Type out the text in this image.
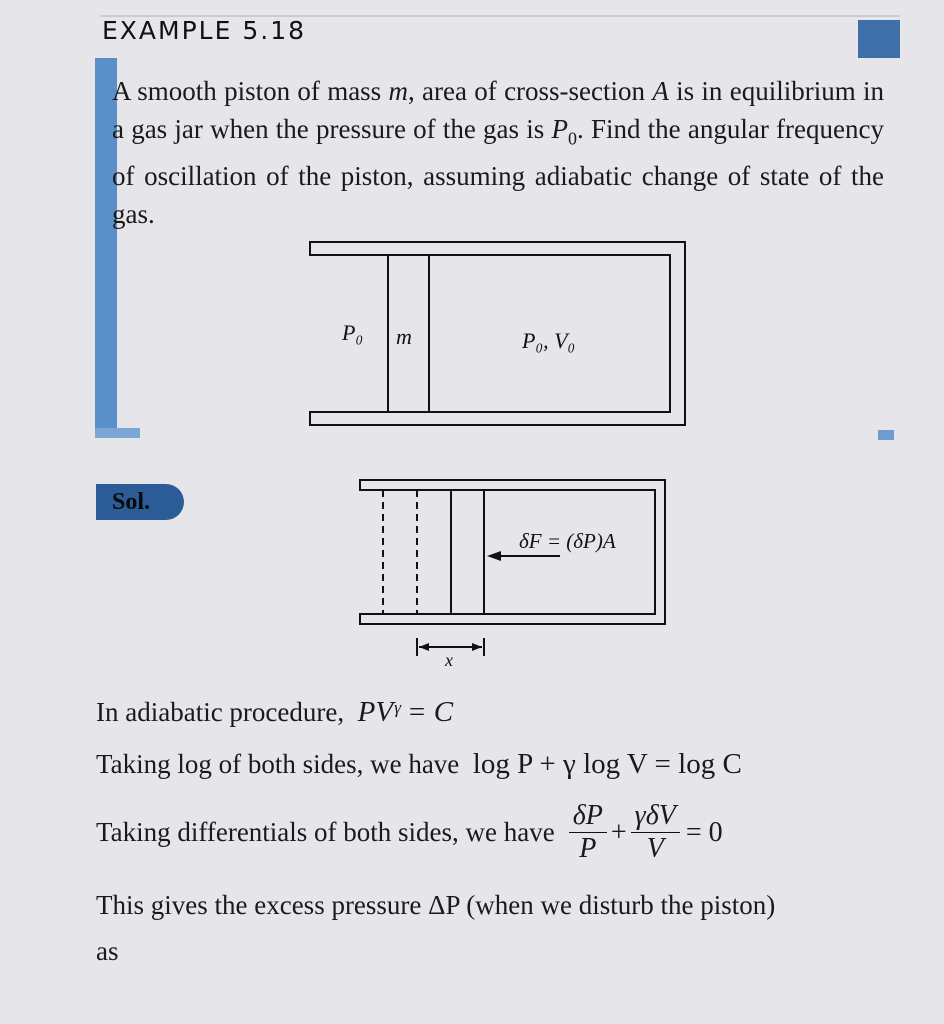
EXAMPLE 5.18
A smooth piston of mass m, area of cross-section A is in equilibrium in a gas jar when the pressure of the gas is $P_0$. Find the angular frequency of oscillation of the piston, assuming adiabatic change of state of the gas.
P₀ m	P₀, V₀
Sol.
δF = (δP)A
x
In adiabatic procedure, PVᵞ = C
Taking log of both sides, we have log P + γ log V = log C
Taking differentials of both sides, we have $\frac{\delta P}{P} + \frac{\text{γδV}}{V} = 0$
This gives the excess pressure ΔP (when we disturb the piston)
as
